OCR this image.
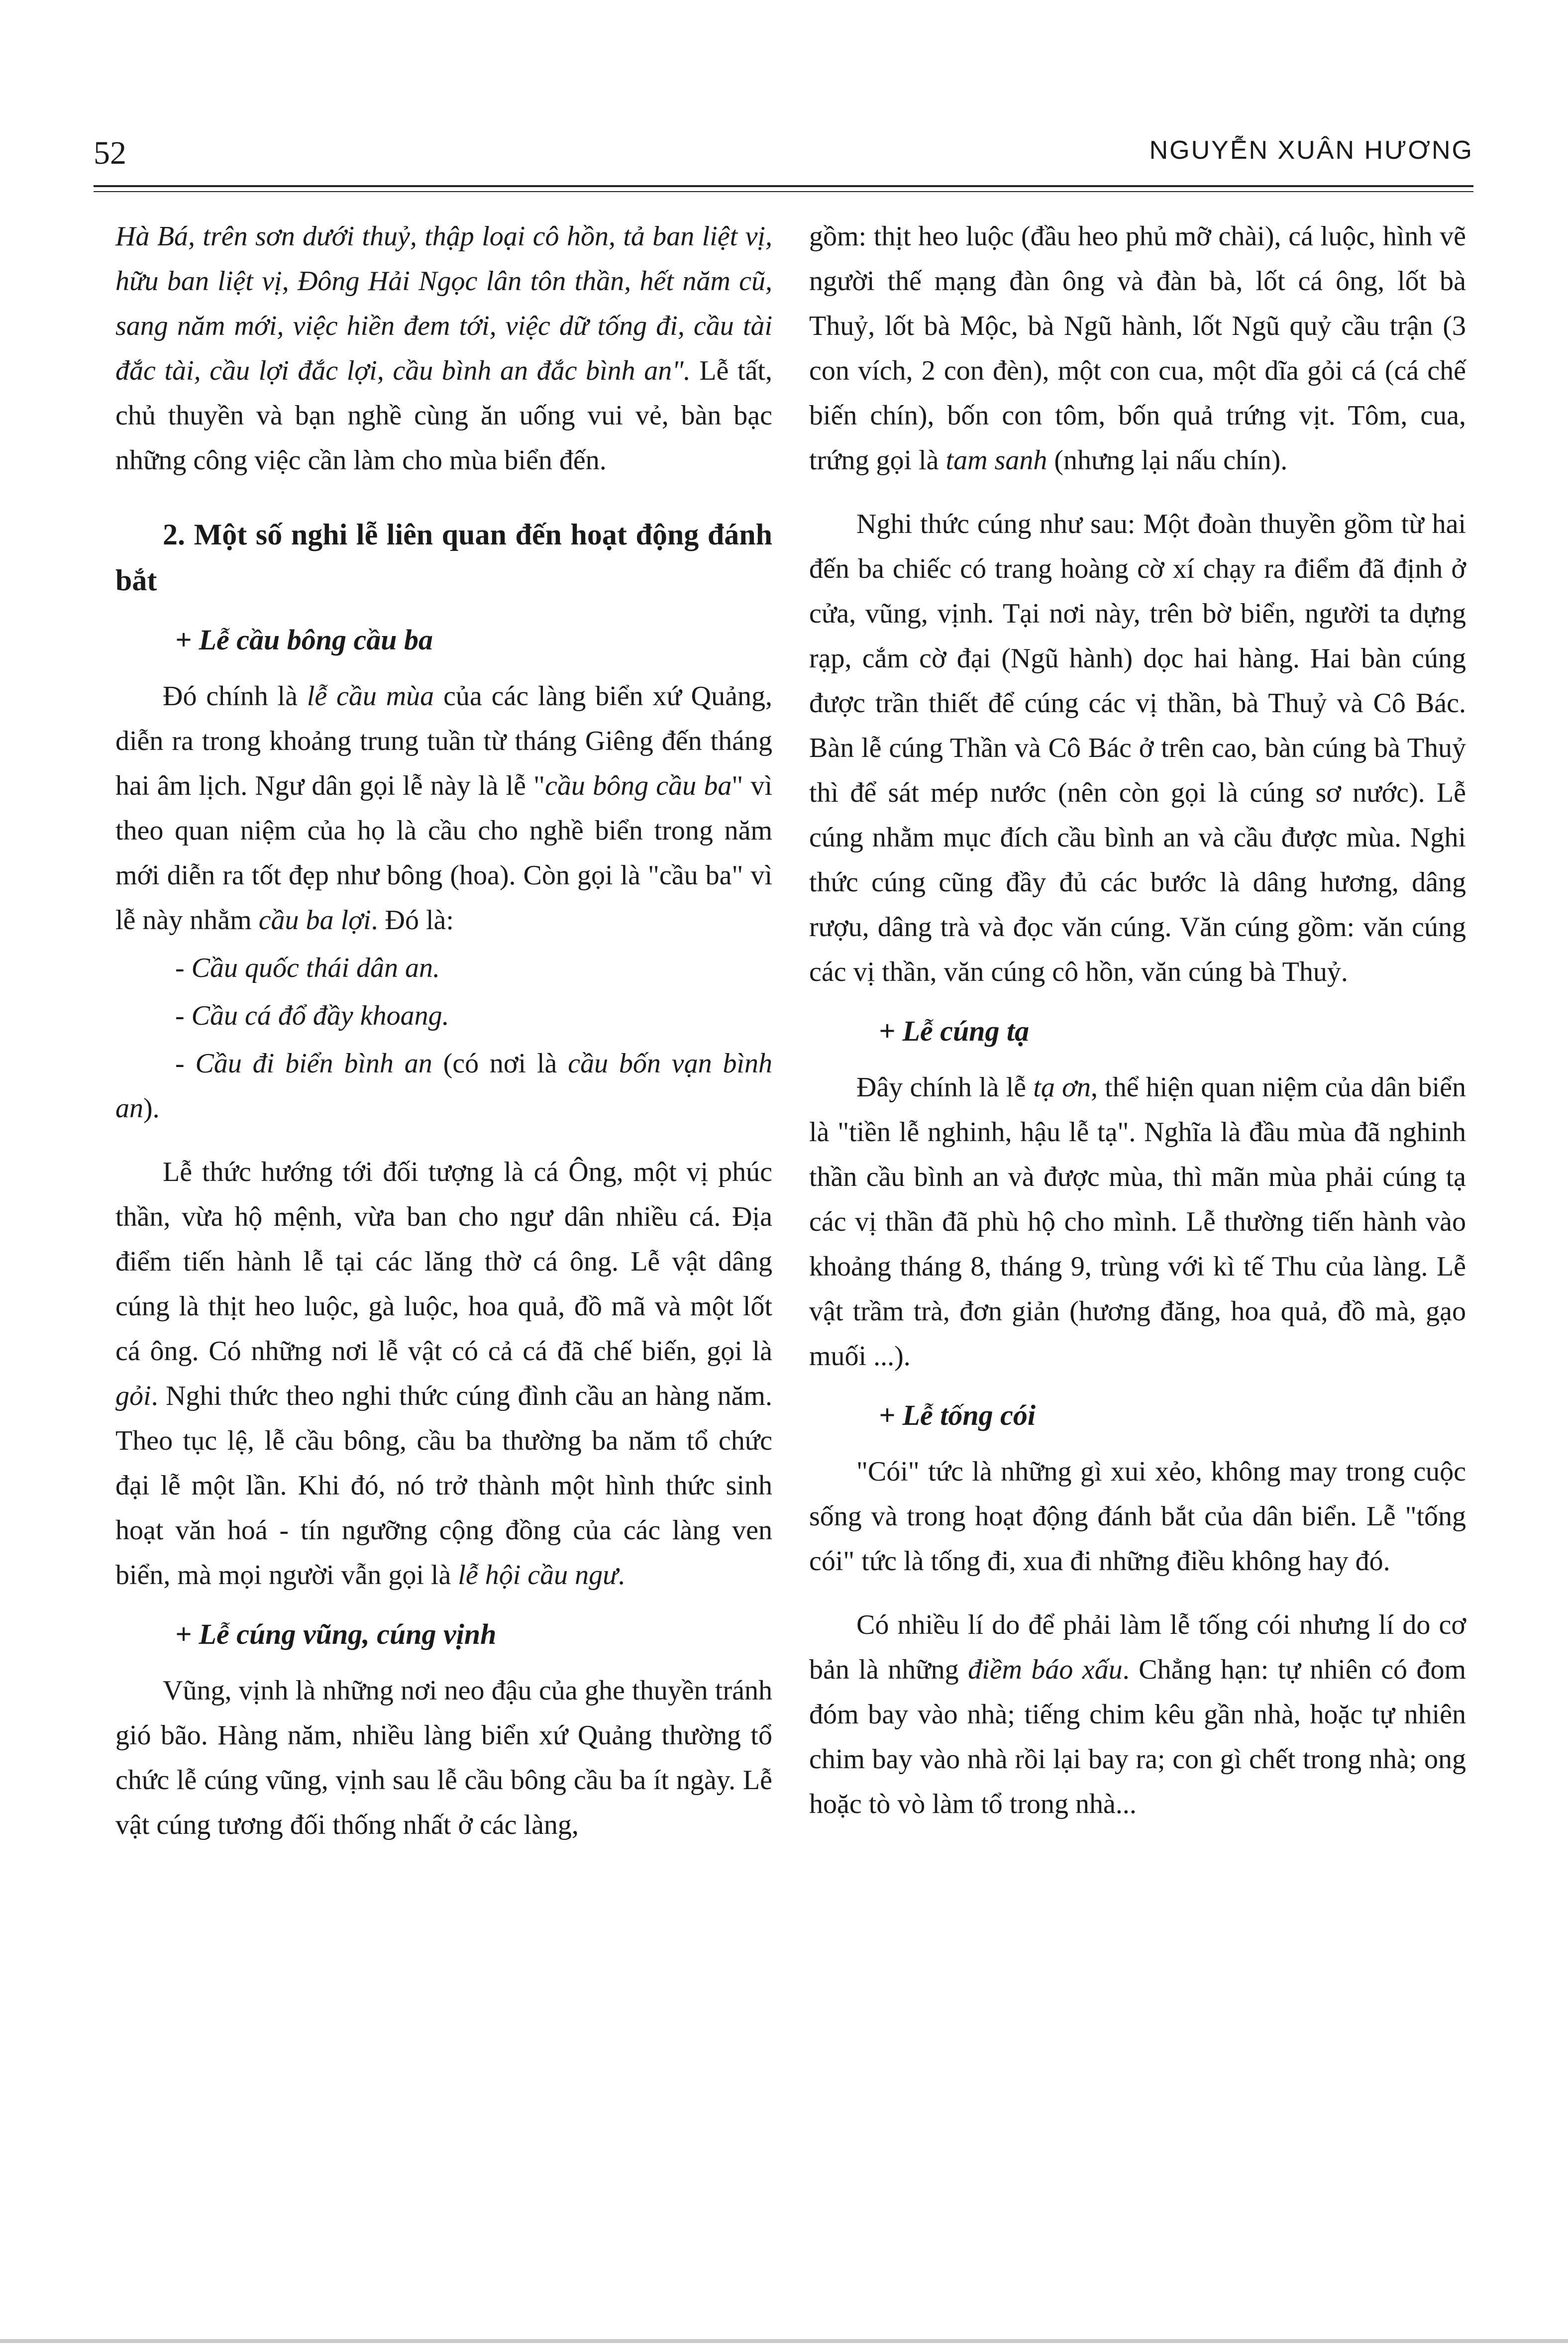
52	NGUYỄN XUÂN HƯƠNG

Hà Bá, trên sơn dưới thuỷ, thập loại cô hồn, tả ban liệt vị, hữu ban liệt vị, Đông Hải Ngọc lân tôn thần, hết năm cũ, sang năm mới, việc hiền đem tới, việc dữ tống đi, cầu tài đắc tài, cầu lợi đắc lợi, cầu bình an đắc bình an". Lễ tất, chủ thuyền và bạn nghề cùng ăn uống vui vẻ, bàn bạc những công việc cần làm cho mùa biển đến.

2. Một số nghi lễ liên quan đến hoạt động đánh bắt

+ Lễ cầu bông cầu ba

Đó chính là lễ cầu mùa của các làng biển xứ Quảng, diễn ra trong khoảng trung tuần từ tháng Giêng đến tháng hai âm lịch. Ngư dân gọi lễ này là lễ "cầu bông cầu ba" vì theo quan niệm của họ là cầu cho nghề biển trong năm mới diễn ra tốt đẹp như bông (hoa). Còn gọi là "cầu ba" vì lễ này nhằm cầu ba lợi. Đó là:

- Cầu quốc thái dân an.

- Cầu cá đổ đầy khoang.

- Cầu đi biển bình an (có nơi là cầu bốn vạn bình an).

Lễ thức hướng tới đối tượng là cá Ông, một vị phúc thần, vừa hộ mệnh, vừa ban cho ngư dân nhiều cá. Địa điểm tiến hành lễ tại các lăng thờ cá ông. Lễ vật dâng cúng là thịt heo luộc, gà luộc, hoa quả, đồ mã và một lốt cá ông. Có những nơi lễ vật có cả cá đã chế biến, gọi là gỏi. Nghi thức theo nghi thức cúng đình cầu an hàng năm. Theo tục lệ, lễ cầu bông, cầu ba thường ba năm tổ chức đại lễ một lần. Khi đó, nó trở thành một hình thức sinh hoạt văn hoá - tín ngưỡng cộng đồng của các làng ven biển, mà mọi người vẫn gọi là lễ hội cầu ngư.

+ Lễ cúng vũng, cúng vịnh

Vũng, vịnh là những nơi neo đậu của ghe thuyền tránh gió bão. Hàng năm, nhiều làng biển xứ Quảng thường tổ chức lễ cúng vũng, vịnh sau lễ cầu bông cầu ba ít ngày. Lễ vật cúng tương đối thống nhất ở các làng,

gồm: thịt heo luộc (đầu heo phủ mỡ chài), cá luộc, hình vẽ người thế mạng đàn ông và đàn bà, lốt cá ông, lốt bà Thuỷ, lốt bà Mộc, bà Ngũ hành, lốt Ngũ quỷ cầu trận (3 con vích, 2 con đèn), một con cua, một dĩa gỏi cá (cá chế biến chín), bốn con tôm, bốn quả trứng vịt. Tôm, cua, trứng gọi là tam sanh (nhưng lại nấu chín).

Nghi thức cúng như sau: Một đoàn thuyền gồm từ hai đến ba chiếc có trang hoàng cờ xí chạy ra điểm đã định ở cửa, vũng, vịnh. Tại nơi này, trên bờ biển, người ta dựng rạp, cắm cờ đại (Ngũ hành) dọc hai hàng. Hai bàn cúng được trần thiết để cúng các vị thần, bà Thuỷ và Cô Bác. Bàn lễ cúng Thần và Cô Bác ở trên cao, bàn cúng bà Thuỷ thì để sát mép nước (nên còn gọi là cúng sơ nước). Lễ cúng nhằm mục đích cầu bình an và cầu được mùa. Nghi thức cúng cũng đầy đủ các bước là dâng hương, dâng rượu, dâng trà và đọc văn cúng. Văn cúng gồm: văn cúng các vị thần, văn cúng cô hồn, văn cúng bà Thuỷ.

+ Lễ cúng tạ

Đây chính là lễ tạ ơn, thể hiện quan niệm của dân biển là "tiền lễ nghinh, hậu lễ tạ". Nghĩa là đầu mùa đã nghinh thần cầu bình an và được mùa, thì mãn mùa phải cúng tạ các vị thần đã phù hộ cho mình. Lễ thường tiến hành vào khoảng tháng 8, tháng 9, trùng với kì tế Thu của làng. Lễ vật trầm trà, đơn giản (hương đăng, hoa quả, đồ mà, gạo muối ...).

+ Lễ tống cói

"Cói" tức là những gì xui xẻo, không may trong cuộc sống và trong hoạt động đánh bắt của dân biển. Lễ "tống cói" tức là tống đi, xua đi những điều không hay đó.

Có nhiều lí do để phải làm lễ tống cói nhưng lí do cơ bản là những điềm báo xấu. Chẳng hạn: tự nhiên có đom đóm bay vào nhà; tiếng chim kêu gần nhà, hoặc tự nhiên chim bay vào nhà rồi lại bay ra; con gì chết trong nhà; ong hoặc tò vò làm tổ trong nhà...
